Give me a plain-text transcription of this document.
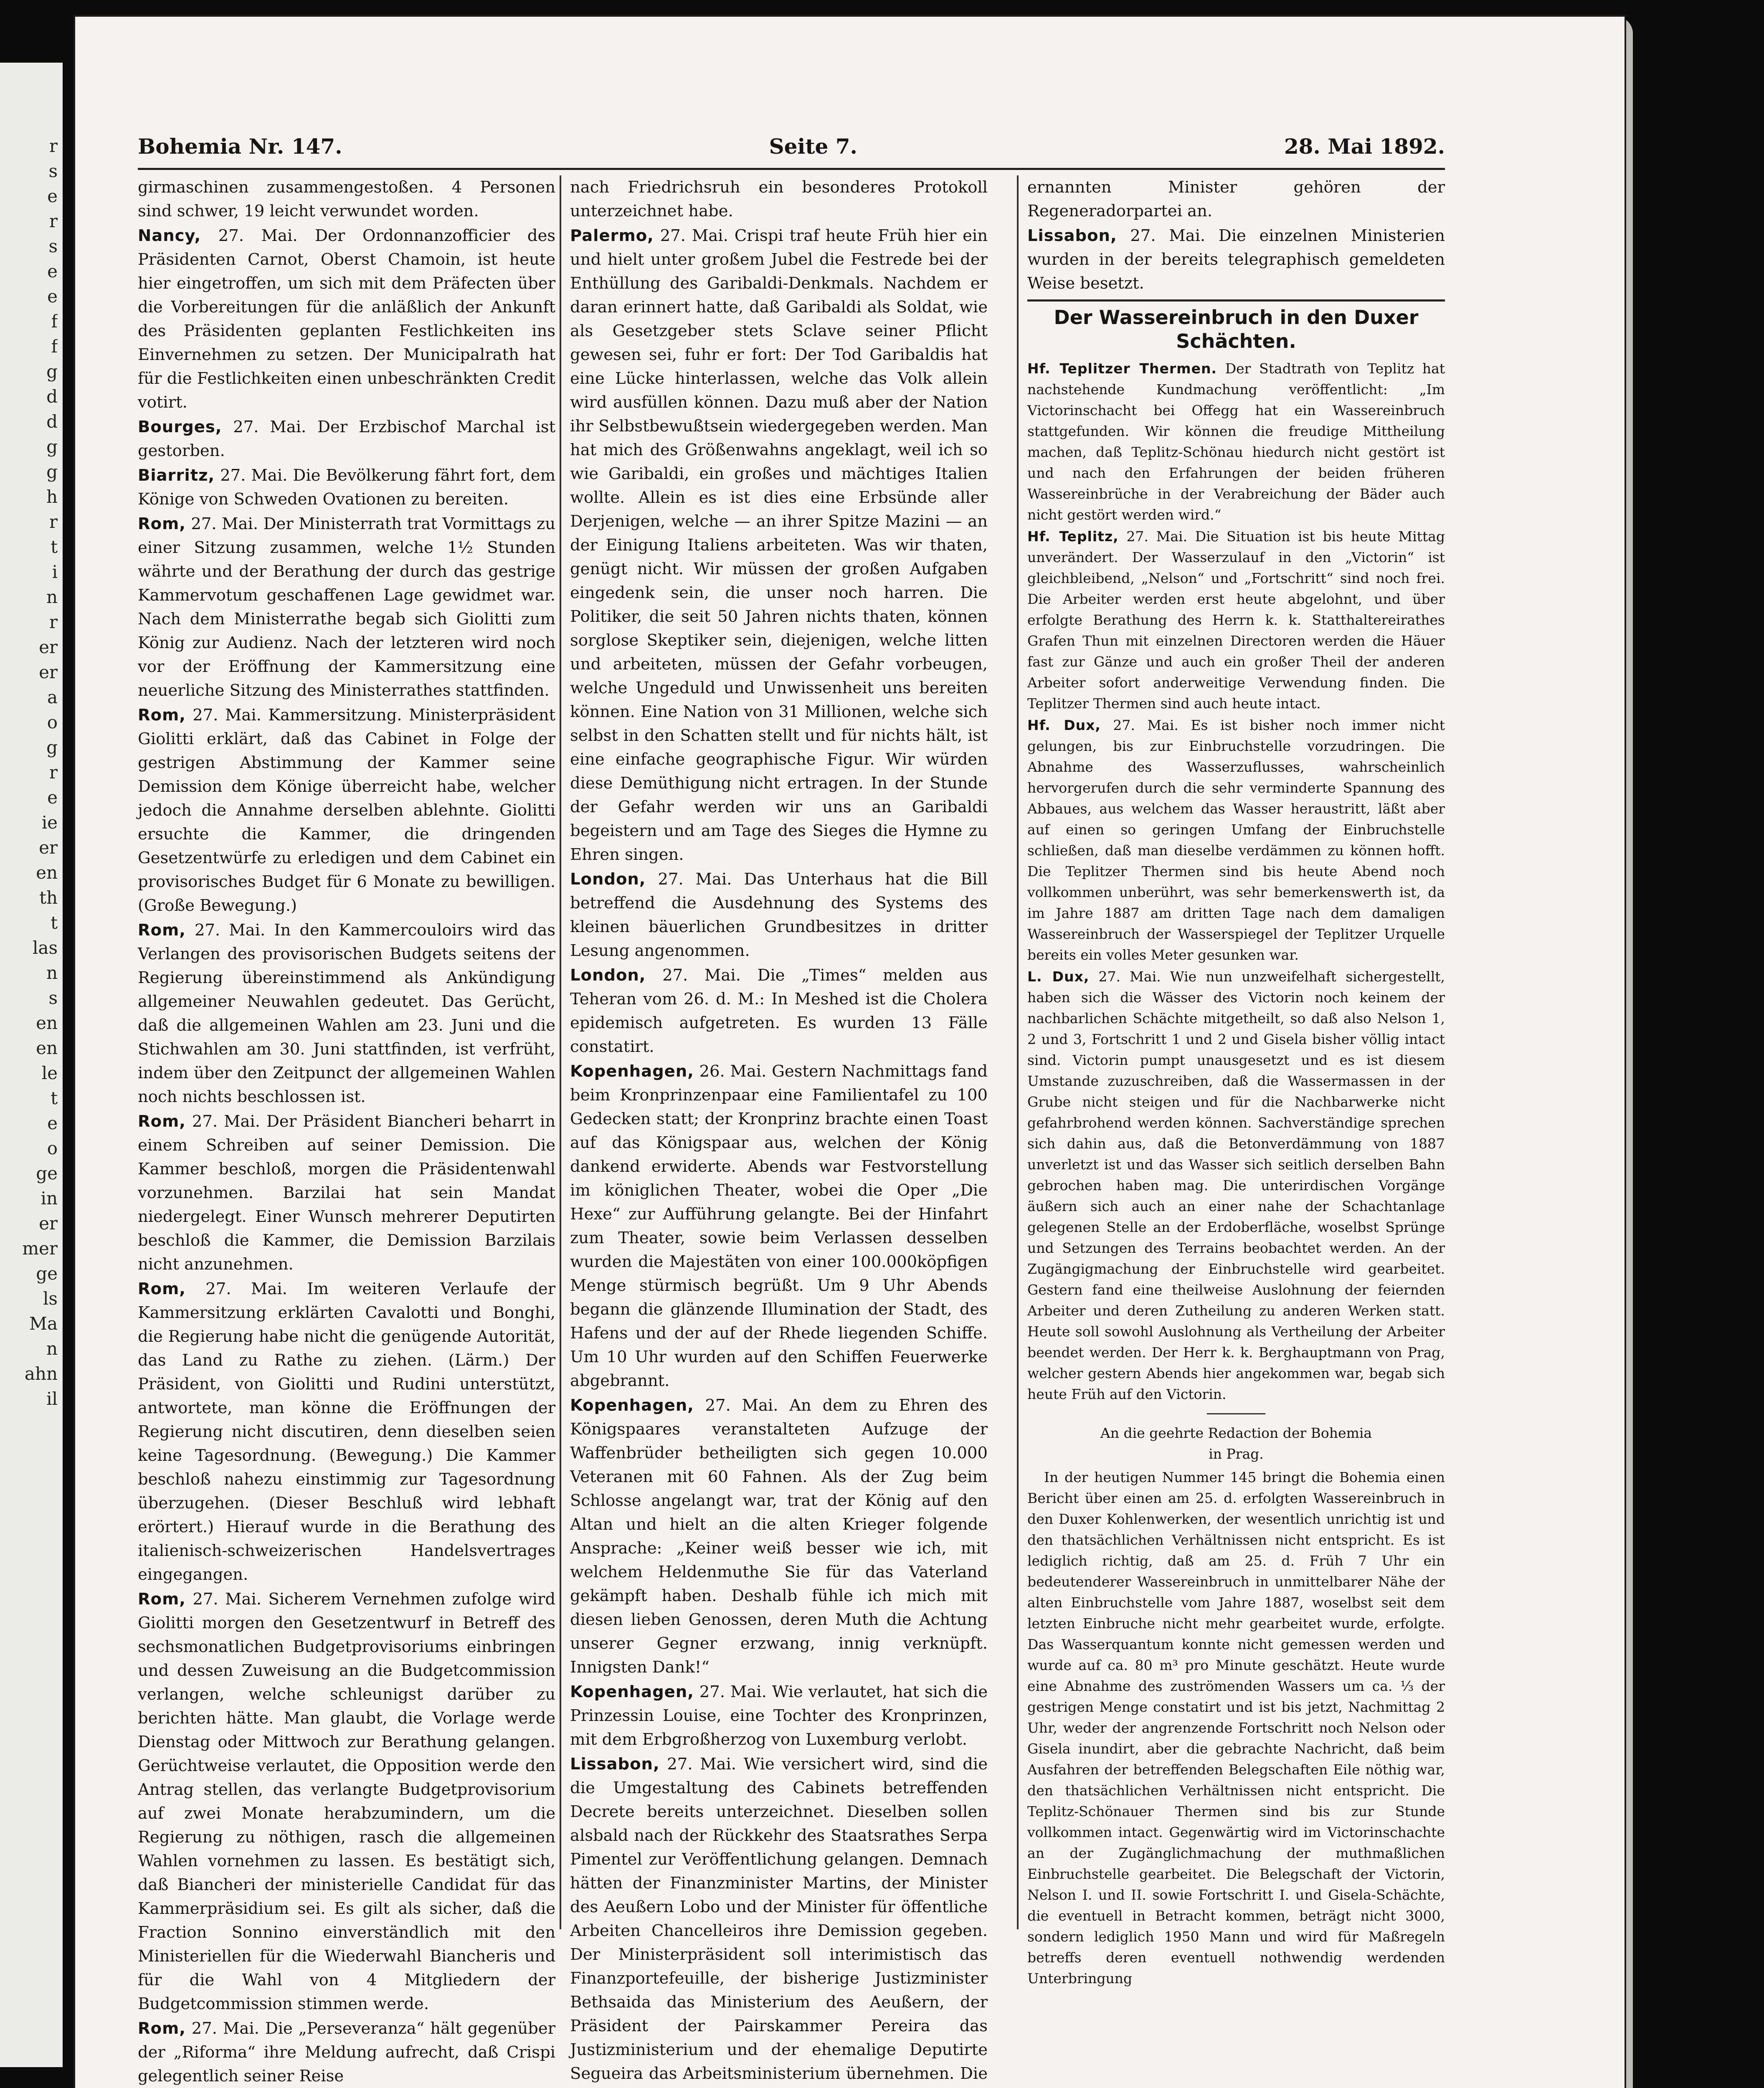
r
s
e
r
s
e
e
f
f
g
d
d
g
g
h
r
t
i
n
r
er
er
a
o
g
r
e
ie
er
en
th
t
las
n
s
en
en
le
t
e
o
ge
in
er
mer
ge
ls
Ma
n
ahn
il
Bohemia Nr. 147.	Seite 7.	28. Mai 1892.

girmaschinen zusammengestoßen. 4 Personen sind schwer, 19 leicht verwundet worden.

Nancy, 27. Mai. Der Ordonnanzofficier des Präsidenten Carnot, Oberst Chamoin, ist heute hier eingetroffen, um sich mit dem Präfecten über die Vorbereitungen für die anläßlich der Ankunft des Präsidenten geplanten Festlichkeiten ins Einvernehmen zu setzen. Der Municipalrath hat für die Festlichkeiten einen unbeschränkten Credit votirt.

Bourges, 27. Mai. Der Erzbischof Marchal ist gestorben.

Biarritz, 27. Mai. Die Bevölkerung fährt fort, dem Könige von Schweden Ovationen zu bereiten.

Rom, 27. Mai. Der Ministerrath trat Vormittags zu einer Sitzung zusammen, welche 1½ Stunden währte und der Berathung der durch das gestrige Kammervotum geschaffenen Lage gewidmet war. Nach dem Ministerrathe begab sich Giolitti zum König zur Audienz. Nach der letzteren wird noch vor der Eröffnung der Kammersitzung eine neuerliche Sitzung des Ministerrathes stattfinden.

Rom, 27. Mai. Kammersitzung. Ministerpräsident Giolitti erklärt, daß das Cabinet in Folge der gestrigen Abstimmung der Kammer seine Demission dem Könige überreicht habe, welcher jedoch die Annahme derselben ablehnte. Giolitti ersuchte die Kammer, die dringenden Gesetzentwürfe zu erledigen und dem Cabinet ein provisorisches Budget für 6 Monate zu bewilligen. (Große Bewegung.)

Rom, 27. Mai. In den Kammercouloirs wird das Verlangen des provisorischen Budgets seitens der Regierung übereinstimmend als Ankündigung allgemeiner Neuwahlen gedeutet. Das Gerücht, daß die allgemeinen Wahlen am 23. Juni und die Stichwahlen am 30. Juni stattfinden, ist verfrüht, indem über den Zeitpunct der allgemeinen Wahlen noch nichts beschlossen ist.

Rom, 27. Mai. Der Präsident Biancheri beharrt in einem Schreiben auf seiner Demission. Die Kammer beschloß, morgen die Präsidentenwahl vorzunehmen. Barzilai hat sein Mandat niedergelegt. Einer Wunsch mehrerer Deputirten beschloß die Kammer, die Demission Barzilais nicht anzunehmen.

Rom, 27. Mai. Im weiteren Verlaufe der Kammersitzung erklärten Cavalotti und Bonghi, die Regierung habe nicht die genügende Autorität, das Land zu Rathe zu ziehen. (Lärm.) Der Präsident, von Giolitti und Rudini unterstützt, antwortete, man könne die Eröffnungen der Regierung nicht discutiren, denn dieselben seien keine Tagesordnung. (Bewegung.) Die Kammer beschloß nahezu einstimmig zur Tagesordnung überzugehen. (Dieser Beschluß wird lebhaft erörtert.) Hierauf wurde in die Berathung des italienisch-schweizerischen Handelsvertrages eingegangen.

Rom, 27. Mai. Sicherem Vernehmen zufolge wird Giolitti morgen den Gesetzentwurf in Betreff des sechsmonatlichen Budgetprovisoriums einbringen und dessen Zuweisung an die Budgetcommission verlangen, welche schleunigst darüber zu berichten hätte. Man glaubt, die Vorlage werde Dienstag oder Mittwoch zur Berathung gelangen. Gerüchtweise verlautet, die Opposition werde den Antrag stellen, das verlangte Budgetprovisorium auf zwei Monate herabzumindern, um die Regierung zu nöthigen, rasch die allgemeinen Wahlen vornehmen zu lassen. Es bestätigt sich, daß Biancheri der ministerielle Candidat für das Kammerpräsidium sei. Es gilt als sicher, daß die Fraction Sonnino einverständlich mit den Ministeriellen für die Wiederwahl Biancheris und für die Wahl von 4 Mitgliedern der Budgetcommission stimmen werde.

Rom, 27. Mai. Die „Perseveranza“ hält gegenüber der „Riforma“ ihre Meldung aufrecht, daß Crispi gelegentlich seiner Reise

nach Friedrichsruh ein besonderes Protokoll unterzeichnet habe.

Palermo, 27. Mai. Crispi traf heute Früh hier ein und hielt unter großem Jubel die Festrede bei der Enthüllung des Garibaldi-Denkmals. Nachdem er daran erinnert hatte, daß Garibaldi als Soldat, wie als Gesetzgeber stets Sclave seiner Pflicht gewesen sei, fuhr er fort: Der Tod Garibaldis hat eine Lücke hinterlassen, welche das Volk allein wird ausfüllen können. Dazu muß aber der Nation ihr Selbstbewußtsein wiedergegeben werden. Man hat mich des Größenwahns angeklagt, weil ich so wie Garibaldi, ein großes und mächtiges Italien wollte. Allein es ist dies eine Erbsünde aller Derjenigen, welche — an ihrer Spitze Mazini — an der Einigung Italiens arbeiteten. Was wir thaten, genügt nicht. Wir müssen der großen Aufgaben eingedenk sein, die unser noch harren. Die Politiker, die seit 50 Jahren nichts thaten, können sorglose Skeptiker sein, diejenigen, welche litten und arbeiteten, müssen der Gefahr vorbeugen, welche Ungeduld und Unwissenheit uns bereiten können. Eine Nation von 31 Millionen, welche sich selbst in den Schatten stellt und für nichts hält, ist eine einfache geographische Figur. Wir würden diese Demüthigung nicht ertragen. In der Stunde der Gefahr werden wir uns an Garibaldi begeistern und am Tage des Sieges die Hymne zu Ehren singen.

London, 27. Mai. Das Unterhaus hat die Bill betreffend die Ausdehnung des Systems des kleinen bäuerlichen Grundbesitzes in dritter Lesung angenommen.

London, 27. Mai. Die „Times“ melden aus Teheran vom 26. d. M.: In Meshed ist die Cholera epidemisch aufgetreten. Es wurden 13 Fälle constatirt.

Kopenhagen, 26. Mai. Gestern Nachmittags fand beim Kronprinzenpaar eine Familientafel zu 100 Gedecken statt; der Kronprinz brachte einen Toast auf das Königspaar aus, welchen der König dankend erwiderte. Abends war Festvorstellung im königlichen Theater, wobei die Oper „Die Hexe“ zur Aufführung gelangte. Bei der Hinfahrt zum Theater, sowie beim Verlassen desselben wurden die Majestäten von einer 100.000köpfigen Menge stürmisch begrüßt. Um 9 Uhr Abends begann die glänzende Illumination der Stadt, des Hafens und der auf der Rhede liegenden Schiffe. Um 10 Uhr wurden auf den Schiffen Feuerwerke abgebrannt.

Kopenhagen, 27. Mai. An dem zu Ehren des Königspaares veranstalteten Aufzuge der Waffenbrüder betheiligten sich gegen 10.000 Veteranen mit 60 Fahnen. Als der Zug beim Schlosse angelangt war, trat der König auf den Altan und hielt an die alten Krieger folgende Ansprache: „Keiner weiß besser wie ich, mit welchem Heldenmuthe Sie für das Vaterland gekämpft haben. Deshalb fühle ich mich mit diesen lieben Genossen, deren Muth die Achtung unserer Gegner erzwang, innig verknüpft. Innigsten Dank!“

Kopenhagen, 27. Mai. Wie verlautet, hat sich die Prinzessin Louise, eine Tochter des Kronprinzen, mit dem Erbgroßherzog von Luxemburg verlobt.

Lissabon, 27. Mai. Wie versichert wird, sind die die Umgestaltung des Cabinets betreffenden Decrete bereits unterzeichnet. Dieselben sollen alsbald nach der Rückkehr des Staatsrathes Serpa Pimentel zur Veröffentlichung gelangen. Demnach hätten der Finanzminister Martins, der Minister des Aeußern Lobo und der Minister für öffentliche Arbeiten Chancelleiros ihre Demission gegeben. Der Ministerpräsident soll interimistisch das Finanzportefeuille, der bisherige Justizminister Bethsaida das Ministerium des Aeußern, der Präsident der Pairskammer Pereira das Justizministerium und der ehemalige Deputirte Segueira das Arbeitsministerium übernehmen. Die

ernannten Minister gehören der Regeneradorpartei an.

Lissabon, 27. Mai. Die einzelnen Ministerien wurden in der bereits telegraphisch gemeldeten Weise besetzt.

Der Wassereinbruch in den Duxer Schächten.

Hf. Teplitzer Thermen. Der Stadtrath von Teplitz hat nachstehende Kundmachung veröffentlicht: „Im Victorinschacht bei Offegg hat ein Wassereinbruch stattgefunden. Wir können die freudige Mittheilung machen, daß Teplitz-Schönau hiedurch nicht gestört ist und nach den Erfahrungen der beiden früheren Wassereinbrüche in der Verabreichung der Bäder auch nicht gestört werden wird.“

Hf. Teplitz, 27. Mai. Die Situation ist bis heute Mittag unverändert. Der Wasserzulauf in den „Victorin“ ist gleichbleibend, „Nelson“ und „Fortschritt“ sind noch frei. Die Arbeiter werden erst heute abgelohnt, und über erfolgte Berathung des Herrn k. k. Statthaltereirathes Grafen Thun mit einzelnen Directoren werden die Häuer fast zur Gänze und auch ein großer Theil der anderen Arbeiter sofort anderweitige Verwendung finden. Die Teplitzer Thermen sind auch heute intact.

Hf. Dux, 27. Mai. Es ist bisher noch immer nicht gelungen, bis zur Einbruchstelle vorzudringen. Die Abnahme des Wasserzuflusses, wahrscheinlich hervorgerufen durch die sehr verminderte Spannung des Abbaues, aus welchem das Wasser heraustritt, läßt aber auf einen so geringen Umfang der Einbruchstelle schließen, daß man dieselbe verdämmen zu können hofft. Die Teplitzer Thermen sind bis heute Abend noch vollkommen unberührt, was sehr bemerkenswerth ist, da im Jahre 1887 am dritten Tage nach dem damaligen Wassereinbruch der Wasserspiegel der Teplitzer Urquelle bereits ein volles Meter gesunken war.

L. Dux, 27. Mai. Wie nun unzweifelhaft sichergestellt, haben sich die Wässer des Victorin noch keinem der nachbarlichen Schächte mitgetheilt, so daß also Nelson 1, 2 und 3, Fortschritt 1 und 2 und Gisela bisher völlig intact sind. Victorin pumpt unausgesetzt und es ist diesem Umstande zuzuschreiben, daß die Wassermassen in der Grube nicht steigen und für die Nachbarwerke nicht gefahrbrohend werden können. Sachverständige sprechen sich dahin aus, daß die Betonverdämmung von 1887 unverletzt ist und das Wasser sich seitlich derselben Bahn gebrochen haben mag. Die unterirdischen Vorgänge äußern sich auch an einer nahe der Schachtanlage gelegenen Stelle an der Erdoberfläche, woselbst Sprünge und Setzungen des Terrains beobachtet werden. An der Zugängigmachung der Einbruchstelle wird gearbeitet. Gestern fand eine theilweise Auslohnung der feiernden Arbeiter und deren Zutheilung zu anderen Werken statt. Heute soll sowohl Auslohnung als Vertheilung der Arbeiter beendet werden. Der Herr k. k. Berghauptmann von Prag, welcher gestern Abends hier angekommen war, begab sich heute Früh auf den Victorin.

An die geehrte Redaction der Bohemia
in Prag.

In der heutigen Nummer 145 bringt die Bohemia einen Bericht über einen am 25. d. erfolgten Wassereinbruch in den Duxer Kohlenwerken, der wesentlich unrichtig ist und den thatsächlichen Verhältnissen nicht entspricht. Es ist lediglich richtig, daß am 25. d. Früh 7 Uhr ein bedeutenderer Wassereinbruch in unmittelbarer Nähe der alten Einbruchstelle vom Jahre 1887, woselbst seit dem letzten Einbruche nicht mehr gearbeitet wurde, erfolgte. Das Wasserquantum konnte nicht gemessen werden und wurde auf ca. 80 m³ pro Minute geschätzt. Heute wurde eine Abnahme des zuströmenden Wassers um ca. ⅓ der gestrigen Menge constatirt und ist bis jetzt, Nachmittag 2 Uhr, weder der angrenzende Fortschritt noch Nelson oder Gisela inundirt, aber die gebrachte Nachricht, daß beim Ausfahren der betreffenden Belegschaften Eile nöthig war, den thatsächlichen Verhältnissen nicht entspricht. Die Teplitz-Schönauer Thermen sind bis zur Stunde vollkommen intact. Gegenwärtig wird im Victorinschachte an der Zugänglichmachung der muthmaßlichen Einbruchstelle gearbeitet. Die Belegschaft der Victorin, Nelson I. und II. sowie Fortschritt I. und Gisela-Schächte, die eventuell in Betracht kommen, beträgt nicht 3000, sondern lediglich 1950 Mann und wird für Maßregeln betreffs deren eventuell nothwendig werdenden Unterbringung
